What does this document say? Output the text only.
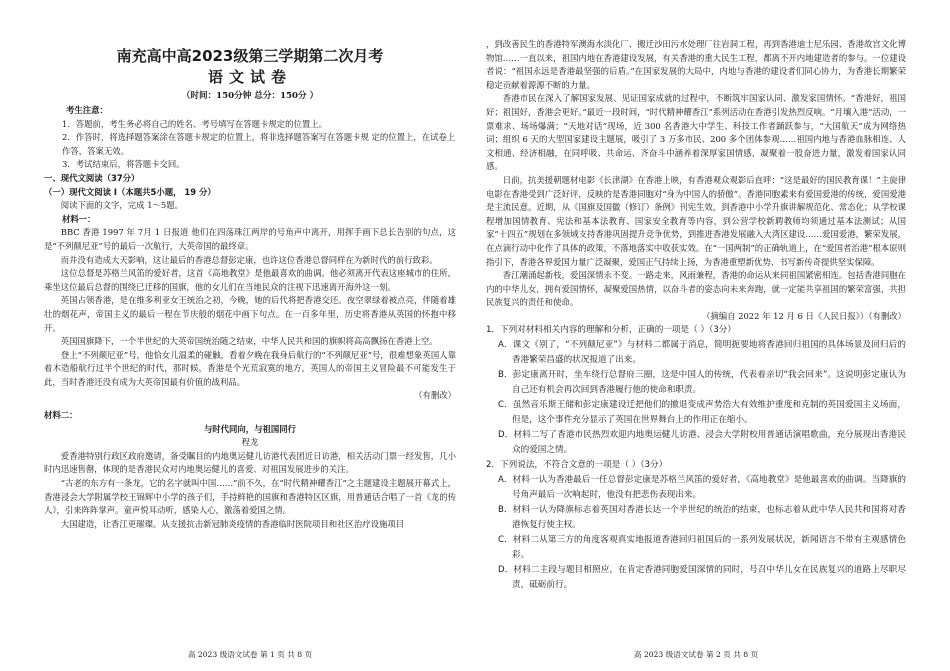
南充高中高2023级第三学期第二次月考
语文试卷
（时间：150分钟 总分：150分 ）

考生注意：

1．答题前，考生务必将自己的姓名、考号填写在答题卡规定的位置上。

2．作答时，将选择题答案涂在答题卡规定的位置上，将非选择题答案写在答题卡规 定的位置上，在试卷上作答，答案无效。

3．考试结束后，将答题卡交回。

一、现代文阅读（37分）

（一）现代文阅读 Ⅰ（本题共5小题， 19 分）

阅读下面的文字，完成 1～5题。

材料一：

BBC 香港 1997 年 7月 1 日报道 他们在四荡珠江两岸的号角声中离开，用挥手画下总长告别的句点，这是“不列颠尼亚”号的最后一次航行，大英帝国的最终章。

而并没有造成大天影响，这让最后的香港总督彭定康，也许这位香港总督同样在为新时代的前行致彩。

这位总督是苏格兰风笛的爱好者，这首《高地教堂》是他最喜欢的曲调。他必须离开代表这座城市的住所，乘坐这位最后总督的围绕已迁移的国旗，他的女儿们在当地民众的注视下迅速离开海外这一刻。

英国占领香港，是在维多利亚女王统治之初，今晚，她的后代将把香港交还。夜空翠绿着被点亮，伴随着雄壮的烟花声，帝国主义的最后一程在节庆般的烟花中画下句点。在一百多年里，历史将香港从英国的怀抱中移开。

英国国旗降下，一个半世纪的大英帝国统治随之结束，中华人民共和国的旗帜将高高飘扬在香港上空。

登上“不列颠尼亚”号，他恰女儿温柔的碰触，看着夕晚在我身后航行的“不列颠尼亚”号，很难想象英国人靠着木造船航行过半个世纪的时代，那时候，香港是个光荒寂寞的地方，英国人的帝国主义冒险最不可能发生于此，当时香港还没有成为大英帝国最有价值的战利品。

（有删改）

材料二：

与时代同向，与祖国同行

程龙

爱香港特别行政区政府邀请，备受瞩目的内地奥运健儿访港代表团近日访港，相关活动门票一经发售，几小时内迅速售罄，体现的是香港民众对内地奥运健儿的喜爱、对祖国发展进步的关注。

“古老的东方有一条龙，它的名字就叫中国……”前不久，在“时代精神耀香江”之主题建设主题展开幕式上，香港浸会大学附属学校王锦辉中小学的孩子们，手持鲜艳的国旗和香港特区区旗，用普通话合唱了一首《龙的传人》，引来阵阵掌声。童声悦耳动听，感染人心，激荡着爱国之情。

大国建造，让香江更璀璨。从支援抗击新冠肺炎疫情的香港临时医院项目和社区治疗设施项目

高 2023 级语文试卷 第 1 页 共 8 页

，到改善民生的香港特军澳海水淡化厂、搬迁沙田污水处理厂往岩洞工程，再到香港迪士尼乐园、香港故宫文化博物馆……一直以来，祖国内地在香港建设发展，有关香港的重大民生工程，都离不开内地建造者的参与。一位建设者说：“祖国永远是香港最坚强的后盾。”在国家发展的大局中，内地与香港的建设者们同心协力，为香港长期繁荣稳定贡献着源源不断的力量。

香港市民在深入了解国家发展、见证国家成就的过程中，不断筑牢国家认同、激发家国情怀。“香港好，祖国好；祖国好，香港会更好。”最近一段时间，“时代精神耀香江”系列活动在香港引发热烈反响。“月壤入港”活动，一票难求、场场爆满；“天地对话”现场，近 300 名香港大中学生、科技工作者踊跃参与，“大国航天”成为网络热词；组织 6 天的大型国家建设主题展，吸引了 3 万多市民、200 多个团体参观……祖国内地与香港血脉相连、人文相通、经济相融，在同呼吸、共命运、齐奋斗中涵养着深厚家国情感，凝聚着一股奋进力量，激发着国家认同感。

日前，抗美援朝题材电影《长津湖》在香港上映，有香港观众观影后直呼：“这是最好的国民教育课！”主旋律电影在香港受到广泛好评，反映的是香港同胞对“身为中国人的骄傲”。香港同胞素来有爱国爱港的传统，爱国爱港是主流民意。近期，从《国旗及国徽（修订）条例》刊宪生效，到香港中小学升旗讲解规范化、常态化；从学校课程增加国情教育、宪法和基本法教育、国家安全教育等内容，到公营学校新聘教师均须通过基本法测试；从国家“十四五”规划在多领域支持香港巩固提升竞争优势，到推进香港发展融入大湾区建设……爱国爱港，繁荣发展，在点滴行动中化作了具体的政策，不落地落实中收获实效。在“一国两制”的正确轨道上，在“爱国者治港”根本原则指引下，香港各界爱国力量广泛凝聚，爱国正气持续上扬，为香港重塑新优势、书写新传奇提供坚实保障。

香江潮涌起新枝，爱国深情永不变。一路走来，风雨兼程，香港的命运从来同祖国紧密相连。包括香港同胞在内的中华儿女，拥有爱国情怀，凝聚爱国热情，以奋斗者的姿态向未来奔跑，就一定能共享祖国的繁荣富强，共担民族复兴的责任和使命。

（摘编自 2022 年 12 月 6 日《人民日报》）（有删改）

1．下列对材料相关内容的理解和分析，正确的一项是（ ）（3分）

A．课文《别了，“不列颠尼亚”》与材料二都属于消息，简明扼要地将香港回归祖国的具体场景及回归后的香港繁荣昌盛的状况报道了出来。

B．彭定康离开时，坐车绕行总督府三圈，这是中国人的传统，代表着亲切“我会回来”。这说明彭定康认为自己还有机会再次回到香港履行他的使命和职责。

C．虽然音乐斯王储和彭定康建设迁把他们的撤退变成声势浩大有效维护重度和克制的英国爱国主义场面，但是，这个事件充分显示了英国在世界舞台上的作用正在缩小。

D．材料二写了香港市民热烈欢迎内地奥运健儿访港、浸会大学附校用普通话演唱歌曲，充分展现出香港民众的爱国之情。

2．下列说法，不符合文意的一项是（ ）（3分）

A．材料一认为香港最后一任总督彭定康是苏格兰风笛的爱好者，《高地教堂》是他最喜欢的曲调。当降旗的号角声最后一次响起时，他没有把悲伤表现出来。

B．材料一认为降旗标志着英国对香港长达一个半世纪的统治的结束，也标志着从此中华人民共和国将对香港恢复行使主权。

C．材料二从第三方的角度客观真实地报道香港回归祖国后的一系列发展状况，新闻语言不带有主观感情色彩。

D．材料二主段与题目相照应，在肯定香港同胞爱国深情的同时，号召中华儿女在民族复兴的道路上尽职尽责，砥砺前行。

高 2023 级语文试卷 第 2 页 共 8 页
